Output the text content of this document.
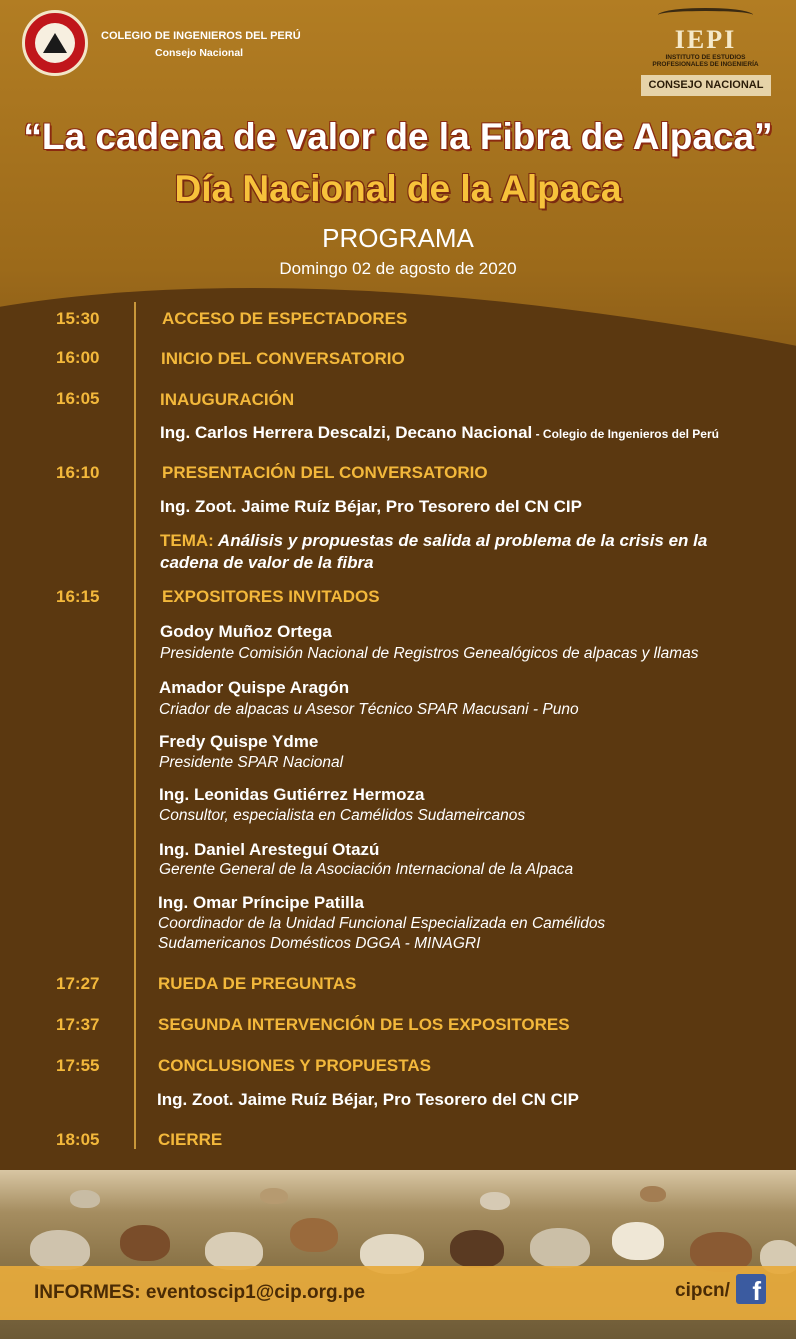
COLEGIO DE INGENIEROS DEL PERÚ
Consejo Nacional	IEPI
INSTITUTO DE ESTUDIOS
PROFESIONALES DE INGENIERÍA
CONSEJO NACIONAL
“La cadena de valor de la Fibra de Alpaca”
Día Nacional de la Alpaca
PROGRAMA
Domingo 02 de agosto de 2020
15:30	ACCESO DE ESPECTADORES
16:00	INICIO DEL CONVERSATORIO
16:05	INAUGURACIÓN
Ing. Carlos Herrera Descalzi, Decano Nacional - Colegio de Ingenieros del Perú
16:10	PRESENTACIÓN DEL CONVERSATORIO
Ing. Zoot. Jaime Ruíz Béjar, Pro Tesorero del CN CIP
TEMA: Análisis y propuestas de salida al problema de la crisis en la cadena de valor de la fibra
16:15	EXPOSITORES INVITADOS
Godoy Muñoz Ortega
Presidente Comisión Nacional de Registros Genealógicos de alpacas y llamas
Amador Quispe Aragón
Criador de alpacas u Asesor Técnico SPAR Macusani - Puno
Fredy Quispe Ydme
Presidente SPAR Nacional
Ing. Leonidas Gutiérrez Hermoza
Consultor, especialista en Camélidos Sudameircanos
Ing. Daniel Aresteguí Otazú
Gerente General de la Asociación Internacional de la Alpaca
Ing. Omar Príncipe Patilla
Coordinador de la Unidad Funcional Especializada en Camélidos
Sudamericanos Domésticos DGGA - MINAGRI
17:27	RUEDA DE PREGUNTAS
17:37	SEGUNDA INTERVENCIÓN DE LOS EXPOSITORES
17:55	CONCLUSIONES Y PROPUESTAS
Ing. Zoot. Jaime Ruíz Béjar, Pro Tesorero del CN CIP
18:05	CIERRE
INFORMES: eventoscip1@cip.org.pe	cipcn/ f
